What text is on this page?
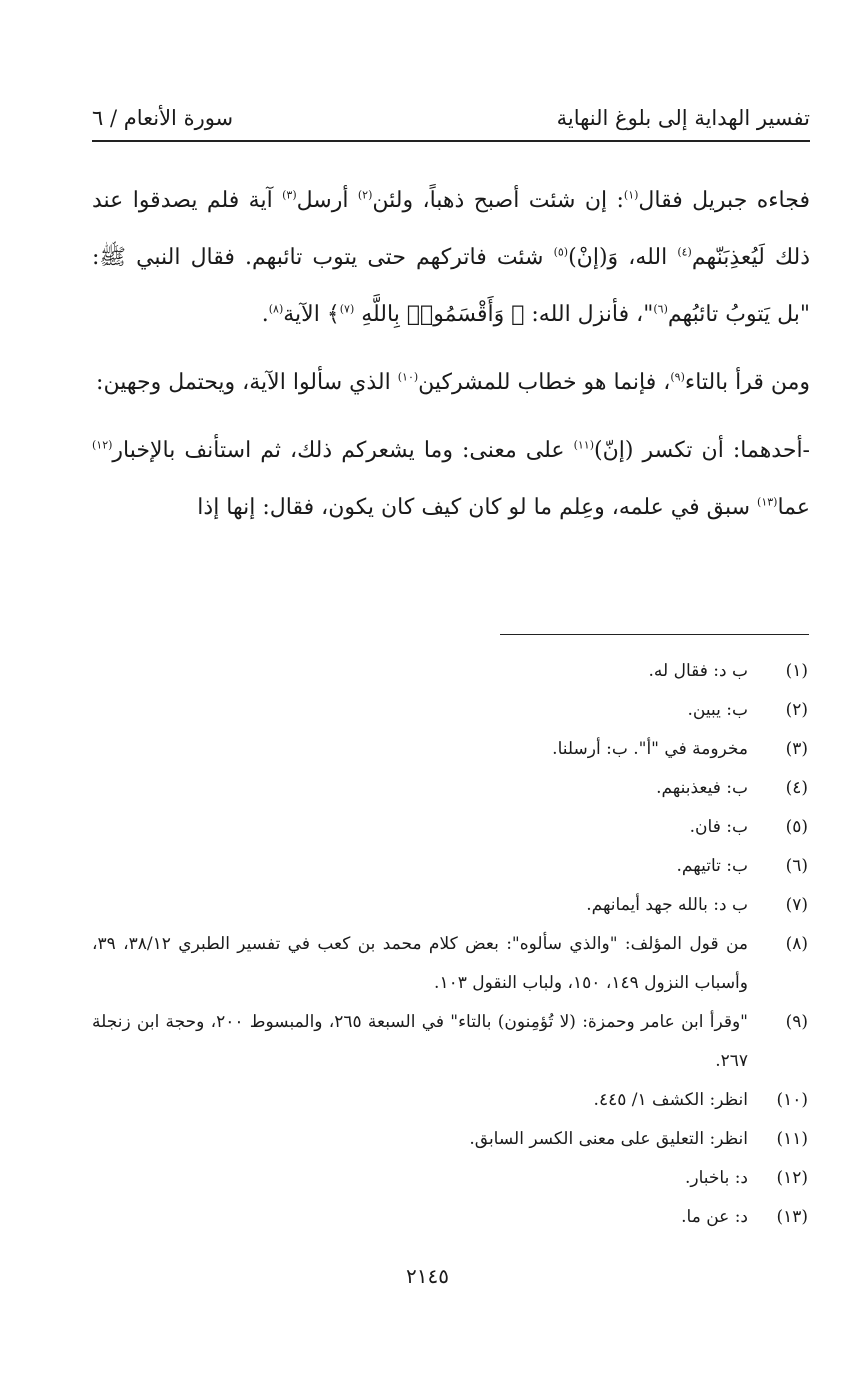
تفسير الهداية إلى بلوغ النهاية
سورة الأنعام / ٦

فجاءه جبريل فقال$^{(١)}$: إن شئت أصبح ذهباً، ولئن$^{(٢)}$ أرسل$^{(٣)}$ آية فلم يصدقوا عند ذلك لَيُعذِبَنّهم$^{(٤)}$ الله، وَ(إنْ)$^{(٥)}$ شئت فاتركهم حتى يتوب تائبهم. فقال النبي ﷺ: "بل يَتوبُ تائبُهم$^{(٦)}$"، فأنزل الله: ﴿ وَأَقْسَمُوا۟ بِاللَّهِ $^{(٧)}$﴾ الآية$^{(٨)}$.

ومن قرأ بالتاء$^{(٩)}$، فإنما هو خطاب للمشركين$^{(١٠)}$ الذي سألوا الآية، ويحتمل وجهين:

-أحدهما: أن تكسر (إنّ)$^{(١١)}$ على معنى: وما يشعركم ذلك، ثم استأنف بالإخبار$^{(١٢)}$ عما$^{(١٣)}$ سبق في علمه، وعِلم ما لو كان كيف كان يكون، فقال: إنها إذا

(١)
ب د: فقال له.
(٢)
ب: يبين.
(٣)
مخرومة في "أ". ب: أرسلنا.
(٤)
ب: فيعذبنهم.
(٥)
ب: فان.
(٦)
ب: تاتيهم.
(٧)
ب د: بالله جهد أيمانهم.
(٨)
من قول المؤلف: "والذي سألوه": بعض كلام محمد بن كعب في تفسير الطبري ٣٨/١٢، ٣٩، وأسباب النزول ١٤٩، ١٥٠، ولباب النقول ١٠٣.
(٩)
"وقرأ ابن عامر وحمزة: (لا تُؤمِنون) بالتاء" في السبعة ٢٦٥، والمبسوط ٢٠٠، وحجة ابن زنجلة ٢٦٧.
(١٠)
انظر: الكشف ١/ ٤٤٥.
(١١)
انظر: التعليق على معنى الكسر السابق.
(١٢)
د: باخبار.
(١٣)
د: عن ما.
٢١٤٥
